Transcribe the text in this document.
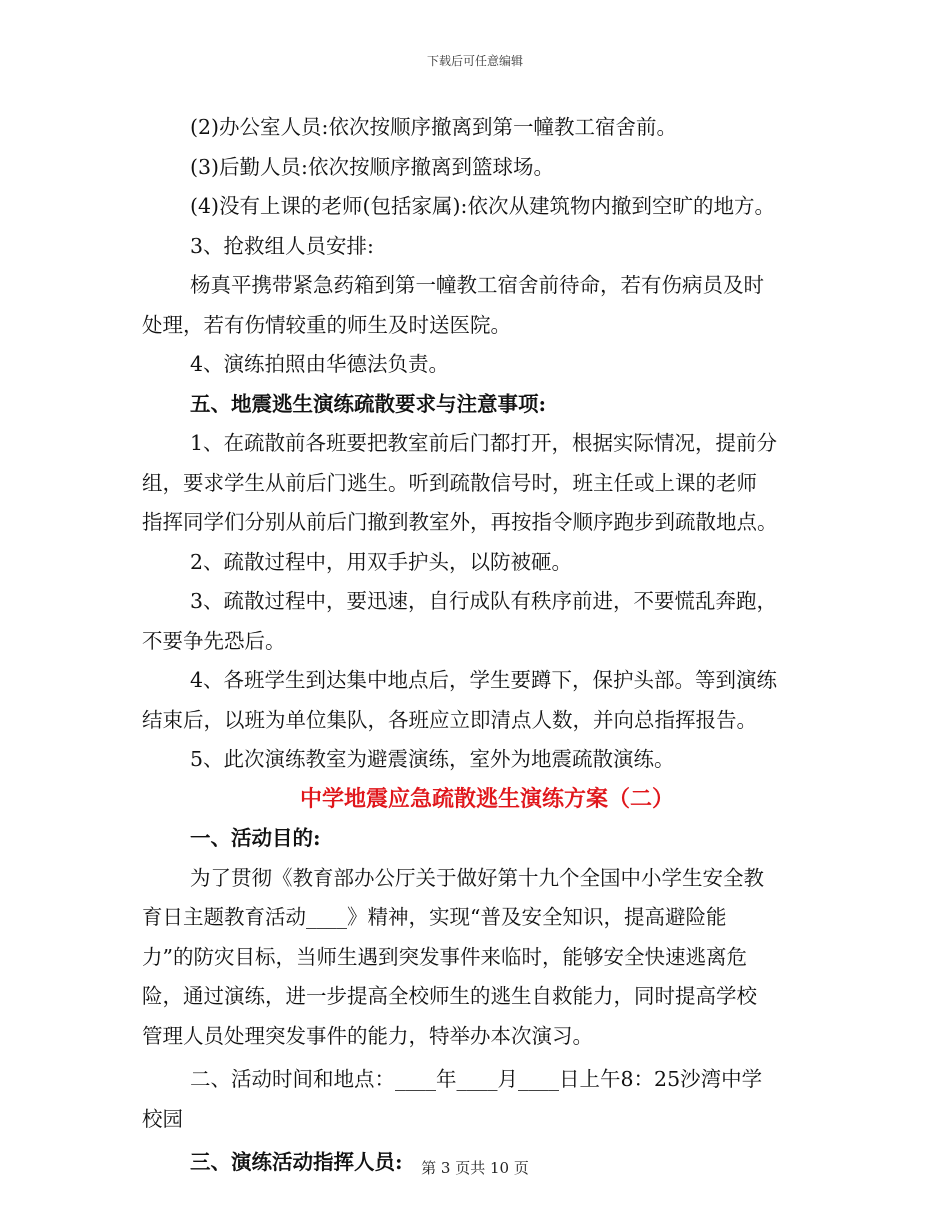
下载后可任意编辑
(2)办公室人员:依次按顺序撤离到第一幢教工宿舍前。
(3)后勤人员:依次按顺序撤离到篮球场。
(4)没有上课的老师(包括家属):依次从建筑物内撤到空旷的地方。
3、抢救组人员安排:
杨真平携带紧急药箱到第一幢教工宿舍前待命，若有伤病员及时
处理，若有伤情较重的师生及时送医院。
4、演练拍照由华德法负责。
五、地震逃生演练疏散要求与注意事项:
1、在疏散前各班要把教室前后门都打开，根据实际情况，提前分
组，要求学生从前后门逃生。听到疏散信号时，班主任或上课的老师
指挥同学们分别从前后门撤到教室外，再按指令顺序跑步到疏散地点。
2、疏散过程中，用双手护头，以防被砸。
3、疏散过程中，要迅速，自行成队有秩序前进，不要慌乱奔跑，
不要争先恐后。
4、各班学生到达集中地点后，学生要蹲下，保护头部。等到演练
结束后，以班为单位集队，各班应立即清点人数，并向总指挥报告。
5、此次演练教室为避震演练，室外为地震疏散演练。
中学地震应急疏散逃生演练方案（二）
一、活动目的:
为了贯彻《教育部办公厅关于做好第十九个全国中小学生安全教
育日主题教育活动____》精神，实现“普及安全知识，提高避险能
力”的防灾目标，当师生遇到突发事件来临时，能够安全快速逃离危
险，通过演练，进一步提高全校师生的逃生自救能力，同时提高学校
管理人员处理突发事件的能力，特举办本次演习。
二、活动时间和地点：____年____月____日上午8：25沙湾中学
校园
三、演练活动指挥人员:	第 3 页共 10 页
